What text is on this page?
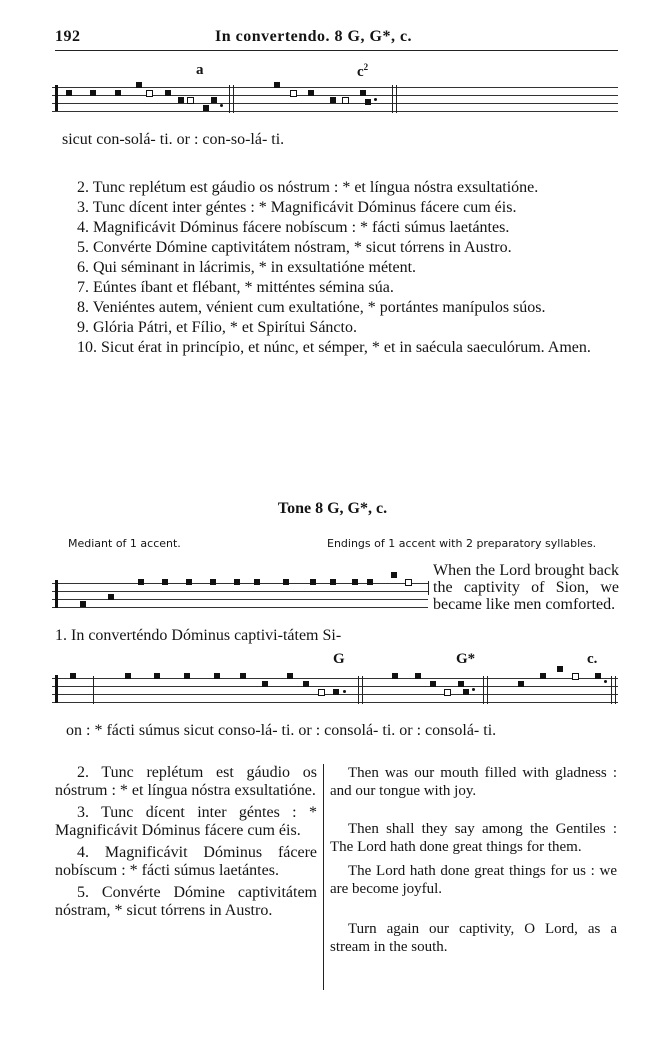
192	In convertendo. 8 G, G*, c.
a	$c^2$
sicut con-solá- ti. or : con-so-lá- ti.

2. Tunc replétum est gáudio os nóstrum : * et língua nóstra exsultatióne.

3. Tunc dícent inter géntes : * Magnificávit Dóminus fácere cum éis.

4. Magnificávit Dóminus fácere nobíscum : * fácti súmus laetántes.

5. Convérte Dómine captivitátem nóstram, * sicut tórrens in Austro.

6. Qui séminant in lácrimis, * in exsultatióne métent.

7. Eúntes íbant et flébant, * mitténtes sémina súa.

8. Veniéntes autem, vénient cum exultatióne, * portántes manípulos súos.

9. Glória Pátri, et Fílio, * et Spirítui Sáncto.

10. Sicut érat in princípio, et núnc, et sémper, * et in saécula saeculórum. Amen.

Tone 8 G, G*, c.
Mediant of 1 accent.	Endings of 1 accent with 2 preparatory syllables.
When the Lord brought back the captivity of Sion, we became like men comforted.
1. In converténdo Dóminus captivi-tátem Si-
G	G*	c.
on : * fácti súmus sicut conso-lá- ti. or : consolá- ti. or : consolá- ti.

2. Tunc replétum est gáudio os nóstrum : * et língua nóstra exsultatióne.

3. Tunc dícent inter géntes : * Magnificávit Dóminus fácere cum éis.

4. Magnificávit Dóminus fácere nobíscum : * fácti súmus laetántes.

5. Convérte Dómine captivitátem nóstram, * sicut tórrens in Austro.

Then was our mouth filled with gladness : and our tongue with joy.

Then shall they say among the Gentiles : The Lord hath done great things for them.

The Lord hath done great things for us : we are become joyful.

Turn again our captivity, O Lord, as a stream in the south.
